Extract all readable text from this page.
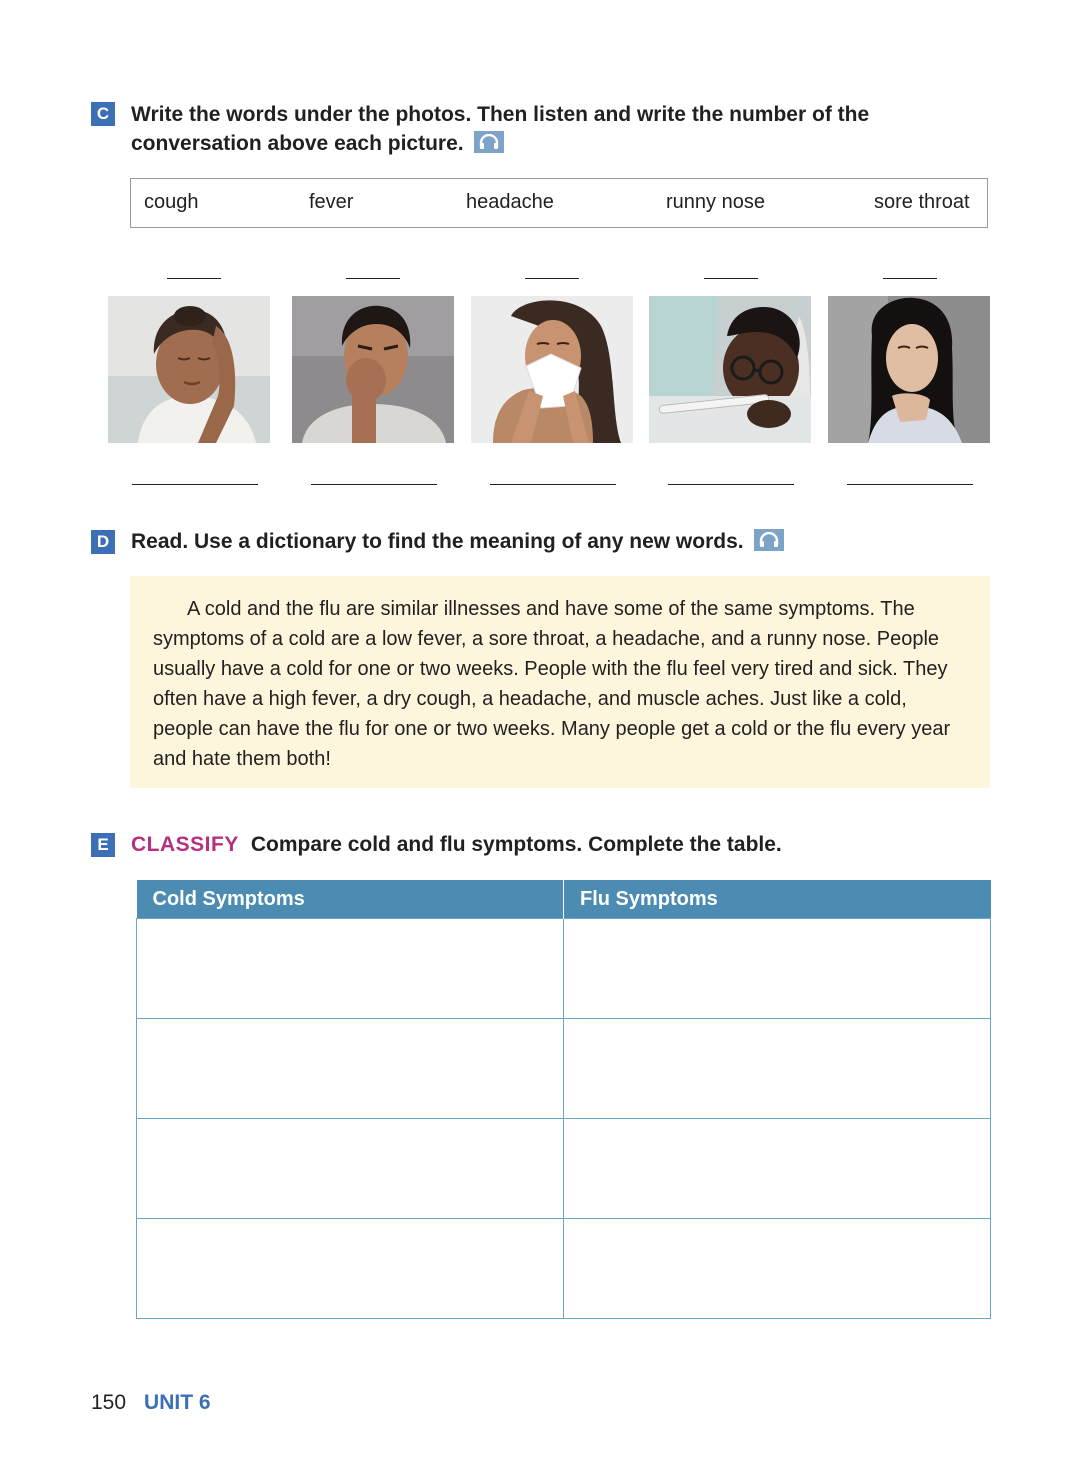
C Write the words under the photos. Then listen and write the number of the
conversation above each picture.
cough	fever	headache	runny nose	sore throat
D Read. Use a dictionary to find the meaning of any new words.

A cold and the flu are similar illnesses and have some of the same symptoms. The symptoms of a cold are a low fever, a sore throat, a headache, and a runny nose. People usually have a cold for one or two weeks. People with the flu feel very tired and sick. They often have a high fever, a dry cough, a headache, and muscle aches. Just like a cold, people can have the flu for one or two weeks. Many people get a cold or the flu every year and hate them both!

E	CLASSIFY Compare cold and flu symptoms. Complete the table.
Cold Symptoms	Flu Symptoms

150 UNIT 6
